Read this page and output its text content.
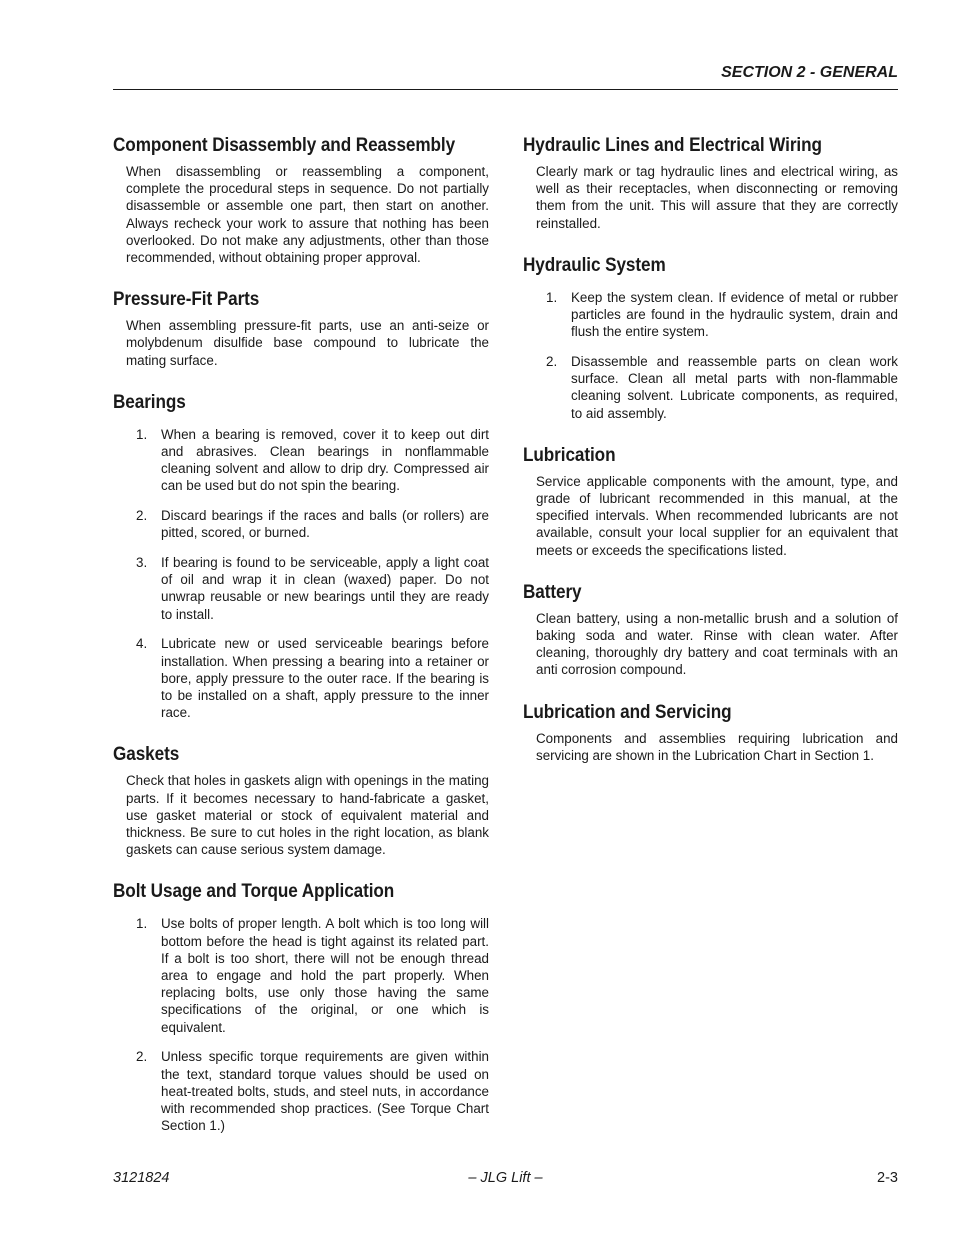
SECTION 2 - GENERAL
Component Disassembly and Reassembly

When disassembling or reassembling a component, complete the procedural steps in sequence. Do not partially disassemble or assemble one part, then start on another. Always recheck your work to assure that nothing has been overlooked. Do not make any adjustments, other than those recommended, without obtaining proper approval.

Pressure-Fit Parts

When assembling pressure-fit parts, use an anti-seize or molybdenum disulfide base compound to lubricate the mating surface.

Bearings
1. When a bearing is removed, cover it to keep out dirt and abrasives. Clean bearings in nonflammable cleaning solvent and allow to drip dry. Compressed air can be used but do not spin the bearing.
2. Discard bearings if the races and balls (or rollers) are pitted, scored, or burned.
3. If bearing is found to be serviceable, apply a light coat of oil and wrap it in clean (waxed) paper. Do not unwrap reusable or new bearings until they are ready to install.
4. Lubricate new or used serviceable bearings before installation. When pressing a bearing into a retainer or bore, apply pressure to the outer race. If the bearing is to be installed on a shaft, apply pressure to the inner race.
Gaskets

Check that holes in gaskets align with openings in the mating parts. If it becomes necessary to hand-fabricate a gasket, use gasket material or stock of equivalent material and thickness. Be sure to cut holes in the right location, as blank gaskets can cause serious system damage.

Bolt Usage and Torque Application
1. Use bolts of proper length. A bolt which is too long will bottom before the head is tight against its related part. If a bolt is too short, there will not be enough thread area to engage and hold the part properly. When replacing bolts, use only those having the same specifications of the original, or one which is equivalent.
2. Unless specific torque requirements are given within the text, standard torque values should be used on heat-treated bolts, studs, and steel nuts, in accordance with recommended shop practices. (See Torque Chart Section 1.)
Hydraulic Lines and Electrical Wiring

Clearly mark or tag hydraulic lines and electrical wiring, as well as their receptacles, when disconnecting or removing them from the unit. This will assure that they are correctly reinstalled.

Hydraulic System
1. Keep the system clean. If evidence of metal or rubber particles are found in the hydraulic system, drain and flush the entire system.
2. Disassemble and reassemble parts on clean work surface. Clean all metal parts with non-flammable cleaning solvent. Lubricate components, as required, to aid assembly.
Lubrication

Service applicable components with the amount, type, and grade of lubricant recommended in this manual, at the specified intervals. When recommended lubricants are not available, consult your local supplier for an equivalent that meets or exceeds the specifications listed.

Battery

Clean battery, using a non-metallic brush and a solution of baking soda and water. Rinse with clean water. After cleaning, thoroughly dry battery and coat terminals with an anti corrosion compound.

Lubrication and Servicing

Components and assemblies requiring lubrication and servicing are shown in the Lubrication Chart in Section 1.

3121824	– JLG Lift –	2-3
